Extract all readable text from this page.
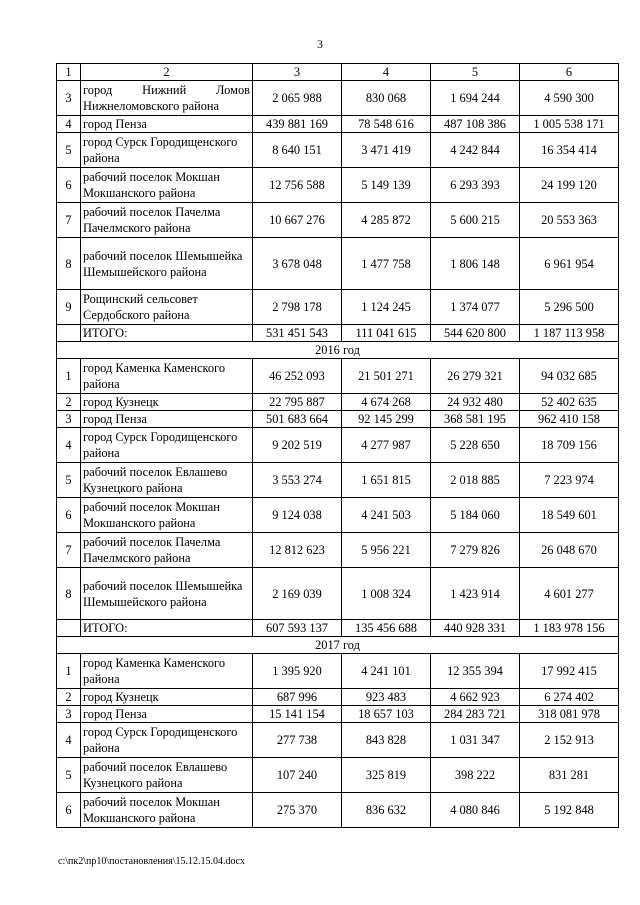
3
1	2	3	4	5	6
3	город Нижний Ломов Нижнеломовского района	2 065 988	830 068	1 694 244	4 590 300
4	город Пенза	439 881 169	78 548 616	487 108 386	1 005 538 171
5	город Сурск Городищенского района	8 640 151	3 471 419	4 242 844	16 354 414
6	рабочий поселок Мокшан Мокшанского района	12 756 588	5 149 139	6 293 393	24 199 120
7	рабочий поселок Пачелма Пачелмского района	10 667 276	4 285 872	5 600 215	20 553 363
8	рабочий поселок Шемышейка Шемышейского района	3 678 048	1 477 758	1 806 148	6 961 954
9	Рощинский сельсовет Сердобского района	2 798 178	1 124 245	1 374 077	5 296 500
	ИТОГО:	531 451 543	111 041 615	544 620 800	1 187 113 958
2016 год					
1	город Каменка Каменского района	46 252 093	21 501 271	26 279 321	94 032 685
2	город Кузнецк	22 795 887	4 674 268	24 932 480	52 402 635
3	город Пенза	501 683 664	92 145 299	368 581 195	962 410 158
4	город Сурск Городищенского района	9 202 519	4 277 987	5 228 650	18 709 156
5	рабочий поселок Евлашево Кузнецкого района	3 553 274	1 651 815	2 018 885	7 223 974
6	рабочий поселок Мокшан Мокшанского района	9 124 038	4 241 503	5 184 060	18 549 601
7	рабочий поселок Пачелма Пачелмского района	12 812 623	5 956 221	7 279 826	26 048 670
8	рабочий поселок Шемышейка Шемышейского района	2 169 039	1 008 324	1 423 914	4 601 277
	ИТОГО:	607 593 137	135 456 688	440 928 331	1 183 978 156
2017 год					
1	город Каменка Каменского района	1 395 920	4 241 101	12 355 394	17 992 415
2	город Кузнецк	687 996	923 483	4 662 923	6 274 402
3	город Пенза	15 141 154	18 657 103	284 283 721	318 081 978
4	город Сурск Городищенского района	277 738	843 828	1 031 347	2 152 913
5	рабочий поселок Евлашево Кузнецкого района	107 240	325 819	398 222	831 281
6	рабочий поселок Мокшан Мокшанского района	275 370	836 632	4 080 846	5 192 848
c:\пк2\пр10\постановления\15.12.15.04.docx
